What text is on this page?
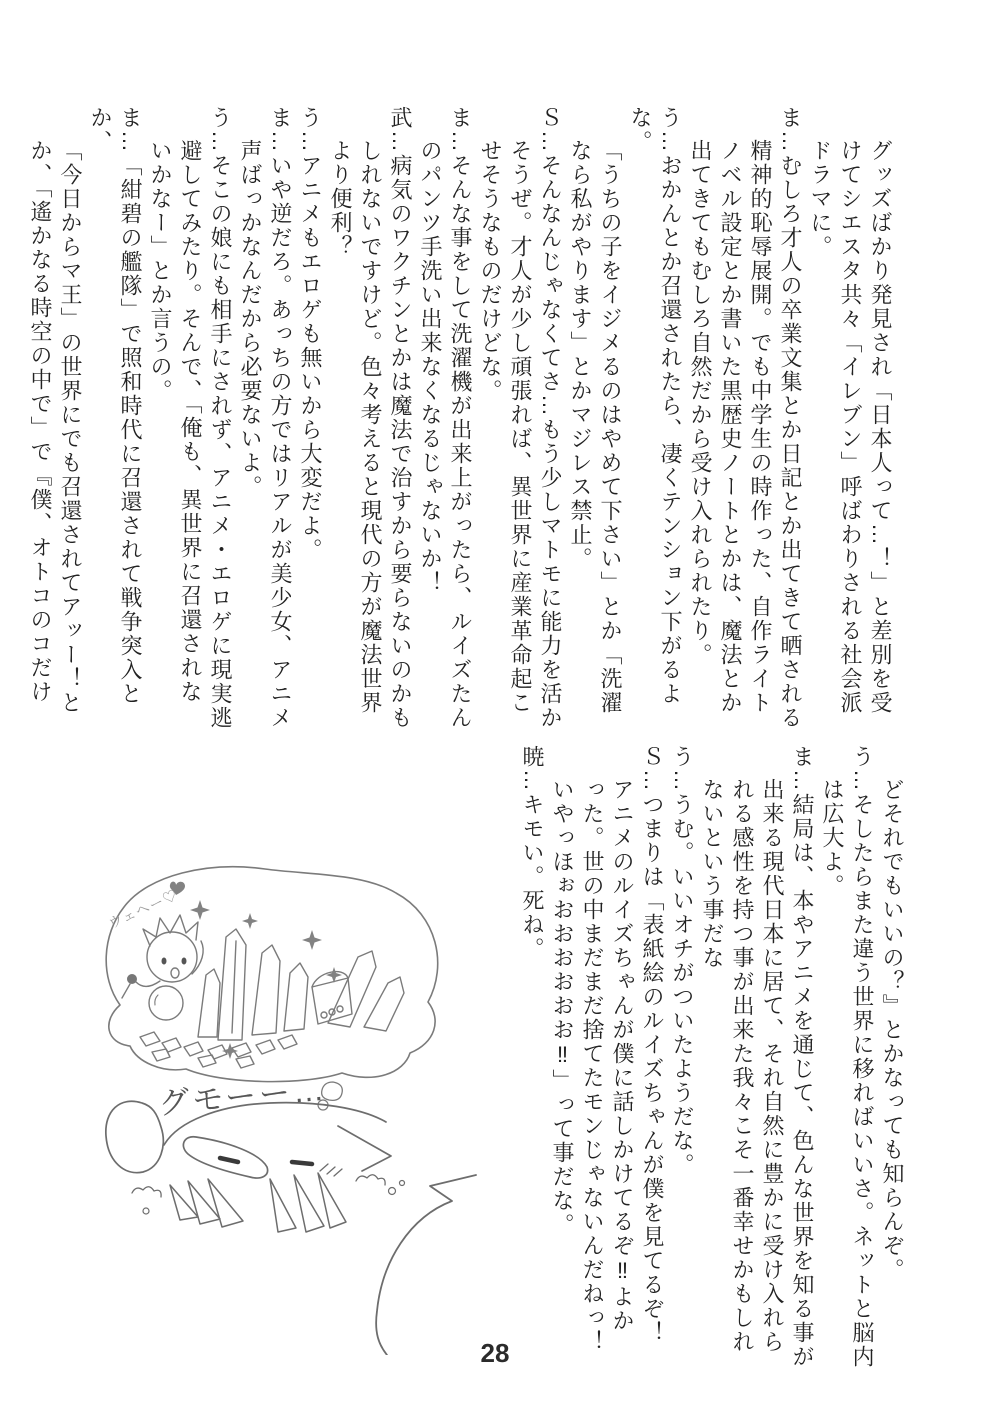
グッズばかり発見され「日本人って…！」と差別を受
けてシエスタ共々「イレブン」呼ばわりされる社会派
ドラマに。
ま…むしろ才人の卒業文集とか日記とか出てきて晒される
精神的恥辱展開。でも中学生の時作った、自作ライト
ノベル設定とか書いた黒歴史ノートとかは、魔法とか
出てきてもむしろ自然だから受け入れられたり。
う…おかんとか召還されたら、凄くテンション下がるよな。
「うちの子をイジメるのはやめて下さい」とか「洗濯
なら私がやります」とかマジレス禁止。
Ｓ…そんなんじゃなくてさ…もう少しマトモに能力を活か
そうぜ。才人が少し頑張れば、異世界に産業革命起こ
せそうなものだけどな。
ま…そんな事をして洗濯機が出来上がったら、ルイズたん
のパンツ手洗い出来なくなるじゃないか！
武…病気のワクチンとかは魔法で治すから要らないのかも
しれないですけど。色々考えると現代の方が魔法世界
より便利？
う…アニメもエロゲも無いから大変だよ。
ま…いや逆だろ。あっちの方ではリアルが美少女、アニメ
声ばっかなんだから必要ないよ。
う…そこの娘にも相手にされず、アニメ・エロゲに現実逃
避してみたり。そんで、「俺も、異世界に召還されな
いかなー」とか言うの。
ま…「紺碧の艦隊」で照和時代に召還されて戦争突入とか、
「今日からマ王」の世界にでも召還されてアッー！と
か、「遙かなる時空の中で」で『僕、オトコのコだけ
どそれでもいいの？』とかなっても知らんぞ。
う…そしたらまた違う世界に移ればいいさ。ネットと脳内
は広大よ。
ま…結局は、本やアニメを通じて、色んな世界を知る事が
出来る現代日本に居て、それ自然に豊かに受け入れら
れる感性を持つ事が出来た我々こそ一番幸せかもしれ
ないという事だな
う…うむ。いいオチがついたようだな。
Ｓ…つまりは「表紙絵のルイズちゃんが僕を見てるぞ！
アニメのルイズちゃんが僕に話しかけてるぞ‼よか
った。世の中まだまだ捨てたモンじゃないんだねっ！
いやっほぉおおおおおお‼」って事だな。
暁…キモい。死ね。
ウェヘー♡
グモーー…
28
